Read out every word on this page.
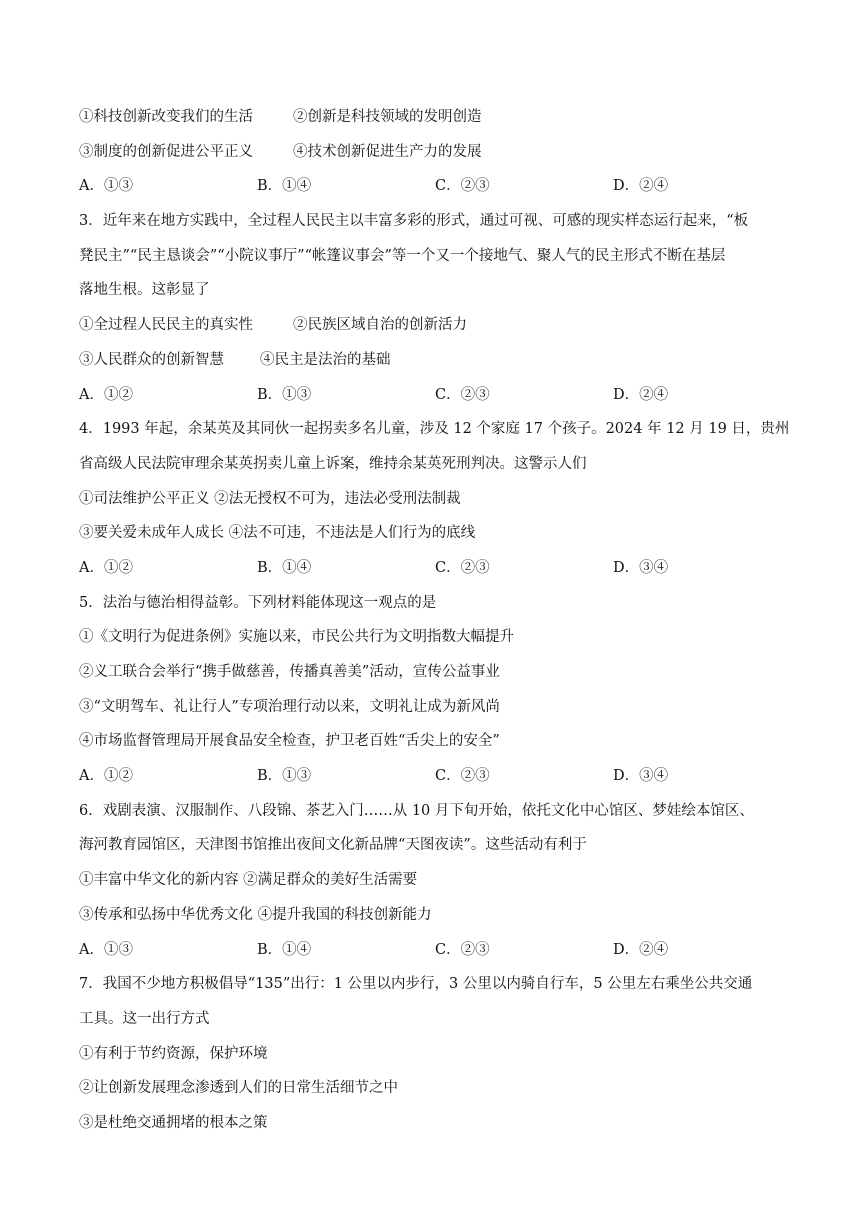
①科技创新改变我们的生活	②创新是科技领域的发明创造
③制度的创新促进公平正义	④技术创新促进生产力的发展
A．①③	B．①④	C．②③	D．②④
3．近年来在地方实践中，全过程人民民主以丰富多彩的形式，通过可视、可感的现实样态运行起来，“板
凳民主”“民主恳谈会”“小院议事厅”“帐篷议事会”等一个又一个接地气、聚人气的民主形式不断在基层
落地生根。这彰显了
①全过程人民民主的真实性	②民族区域自治的创新活力
③人民群众的创新智慧 ④民主是法治的基础
A．①②	B．①③	C．②③	D．②④
4．1993 年起，余某英及其同伙一起拐卖多名儿童，涉及 12 个家庭 17 个孩子。2024 年 12 月 19 日，贵州
省高级人民法院审理余某英拐卖儿童上诉案，维持余某英死刑判决。这警示人们
①司法维护公平正义 ②法无授权不可为，违法必受刑法制裁
③要关爱未成年人成长 ④法不可违，不违法是人们行为的底线
A．①②	B．①④	C．②③	D．③④
5．法治与德治相得益彰。下列材料能体现这一观点的是
①《文明行为促进条例》实施以来，市民公共行为文明指数大幅提升
②义工联合会举行“携手做慈善，传播真善美”活动，宣传公益事业
③“文明驾车、礼让行人”专项治理行动以来，文明礼让成为新风尚
④市场监督管理局开展食品安全检查，护卫老百姓“舌尖上的安全”
A．①②	B．①③	C．②③	D．③④
6．戏剧表演、汉服制作、八段锦、茶艺入门……从 10 月下旬开始，依托文化中心馆区、梦娃绘本馆区、
海河教育园馆区，天津图书馆推出夜间文化新品牌“天图夜读”。这些活动有利于
①丰富中华文化的新内容 ②满足群众的美好生活需要
③传承和弘扬中华优秀文化 ④提升我国的科技创新能力
A．①③	B．①④	C．②③	D．②④
7．我国不少地方积极倡导“135”出行：1 公里以内步行，3 公里以内骑自行车，5 公里左右乘坐公共交通
工具。这一出行方式
①有利于节约资源，保护环境
②让创新发展理念渗透到人们的日常生活细节之中
③是杜绝交通拥堵的根本之策
